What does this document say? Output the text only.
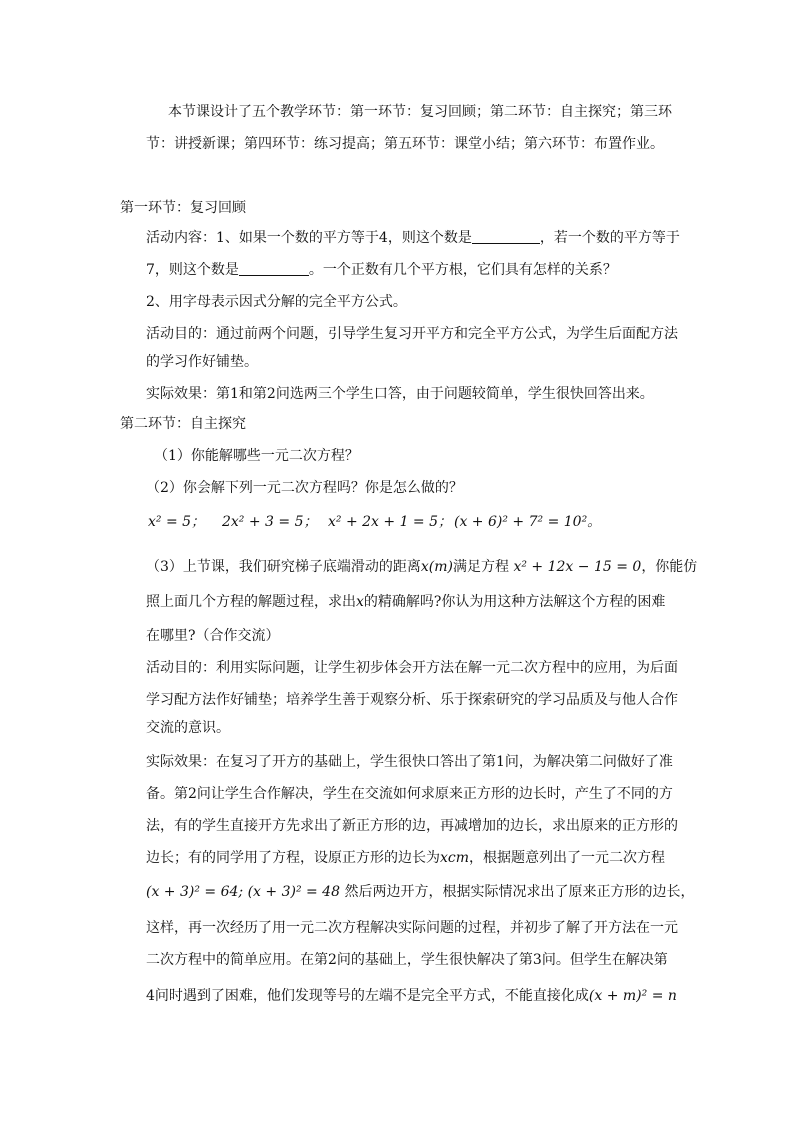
本节课设计了五个教学环节：第一环节：复习回顾；第二环节：自主探究；第三环
节：讲授新课；第四环节：练习提高；第五环节：课堂小结；第六环节：布置作业。
第一环节：复习回顾
活动内容：1、如果一个数的平方等于4，则这个数是	，若一个数的平方等于
7，则这个数是	。一个正数有几个平方根，它们具有怎样的关系？
2、用字母表示因式分解的完全平方公式。
活动目的：通过前两个问题，引导学生复习开平方和完全平方公式，为学生后面配方法
的学习作好铺垫。
实际效果：第1和第2问选两三个学生口答，由于问题较简单，学生很快回答出来。
第二环节：自主探究
（1）你能解哪些一元二次方程？
（2）你会解下列一元二次方程吗？你是怎么做的？
x² = 5； 2x² + 3 = 5； x² + 2x + 1 = 5； (x + 6)² + 7² = 10²。
（3）上节课，我们研究梯子底端滑动的距离x(m)满足方程 x² + 12x − 15 = 0，你能仿
照上面几个方程的解题过程，求出x的精确解吗?你认为用这种方法解这个方程的困难
在哪里?（合作交流）
活动目的：利用实际问题，让学生初步体会开方法在解一元二次方程中的应用，为后面
学习配方法作好铺垫；培养学生善于观察分析、乐于探索研究的学习品质及与他人合作
交流的意识。
实际效果：在复习了开方的基础上，学生很快口答出了第1问，为解决第二问做好了准
备。第2问让学生合作解决，学生在交流如何求原来正方形的边长时，产生了不同的方
法，有的学生直接开方先求出了新正方形的边，再减增加的边长，求出原来的正方形的
边长；有的同学用了方程，设原正方形的边长为xcm，根据题意列出了一元二次方程
(x + 3)² = 64; (x + 3)² = 48 然后两边开方，根据实际情况求出了原来正方形的边长，
这样，再一次经历了用一元二次方程解决实际问题的过程，并初步了解了开方法在一元
二次方程中的简单应用。在第2问的基础上，学生很快解决了第3问。但学生在解决第
4问时遇到了困难，他们发现等号的左端不是完全平方式，不能直接化成(x + m)² = n
